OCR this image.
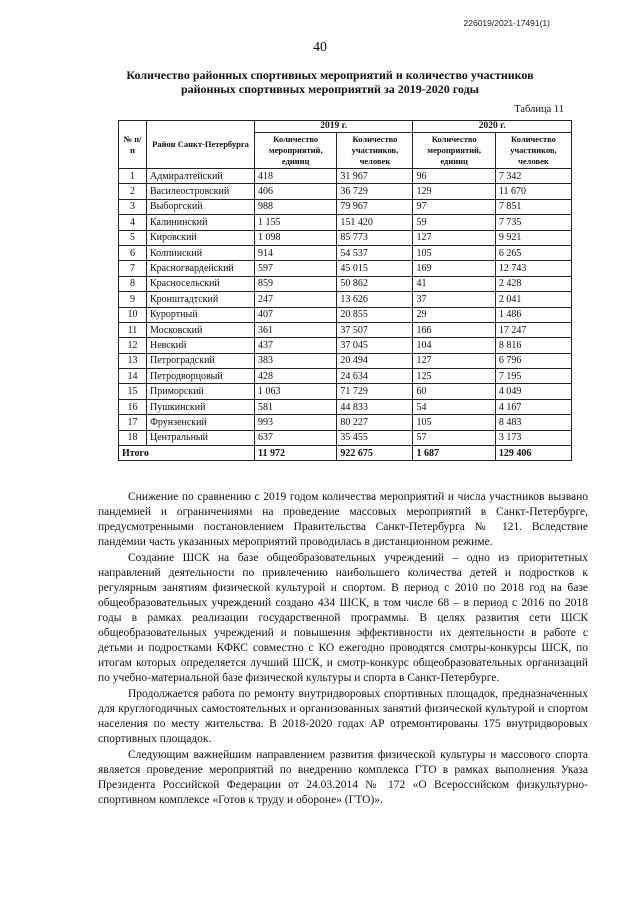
226019/2021-17491(1)
40
Количество районных спортивных мероприятий и количество участников
районных спортивных мероприятий за 2019-2020 годы
Таблица 11
№ п/п	Район Санкт-Петербурга	2019 г.		2020 г.	
		Количество мероприятий, единиц	Количество участников, человек	Количество мероприятий, единиц	Количество участников, человек
1	Адмиралтейский	418	31 967	96	7 342
2	Василеостровский	406	36 729	129	11 670
3	Выборгский	988	79 967	97	7 851
4	Калининский	1 155	151 420	59	7 735
5	Кировский	1 098	85 773	127	9 921
6	Колпинский	914	54 537	105	6 265
7	Красногвардейский	597	45 015	169	12 743
8	Красносельский	859	50 862	41	2 428
9	Кронштадтский	247	13 626	37	2 041
10	Курортный	407	20 855	29	1 486
11	Московский	361	37 507	166	17 247
12	Невский	437	37 045	104	8 816
13	Петроградский	383	20 494	127	6 796
14	Петродворцовый	428	24 634	125	7 195
15	Приморский	1 063	71 729	60	4 049
16	Пушкинский	581	44 833	54	4 167
17	Фрунзенский	993	80 227	105	8 483
18	Центральный	637	35 455	57	3 173
Итого		11 972	922 675	1 687	129 406

Снижение по сравнению с 2019 годом количества мероприятий и числа участников вызвано пандемией и ограничениями на проведение массовых мероприятий в Санкт-Петербурге, предусмотренными постановлением Правительства Санкт-Петербурга № 121. Вследствие пандемии часть указанных мероприятий проводилась в дистанционном режиме.

Создание ШСК на базе общеобразовательных учреждений – одно из приоритетных направлений деятельности по привлечению наибольшего количества детей и подростков к регулярным занятиям физической культурой и спортом. В период с 2010 по 2018 год на базе общеобразовательных учреждений создано 434 ШСК, в том числе 68 – в период с 2016 по 2018 годы в рамках реализации государственной программы. В целях развития сети ШСК общеобразовательных учреждений и повышения эффективности их деятельности в работе с детьми и подростками КФКС совместно с КО ежегодно проводятся смотры-конкурсы ШСК, по итогам которых определяется лучший ШСК, и смотр-конкурс общеобразовательных организаций по учебно-материальной базе физической культуры и спорта в Санкт-Петербурге.

Продолжается работа по ремонту внутридворовых спортивных площадок, предназначенных для круглогодичных самостоятельных и организованных занятий физической культурой и спортом населения по месту жительства. В 2018-2020 годах АР отремонтированы 175 внутридворовых спортивных площадок.

Следующим важнейшим направлением развития физической культуры и массового спорта является проведение мероприятий по внедрению комплекса ГТО в рамках выполнения Указа Президента Российской Федерации от 24.03.2014 № 172 «О Всероссийском физкультурно-спортивном комплексе «Готов к труду и обороне» (ГТО)».
